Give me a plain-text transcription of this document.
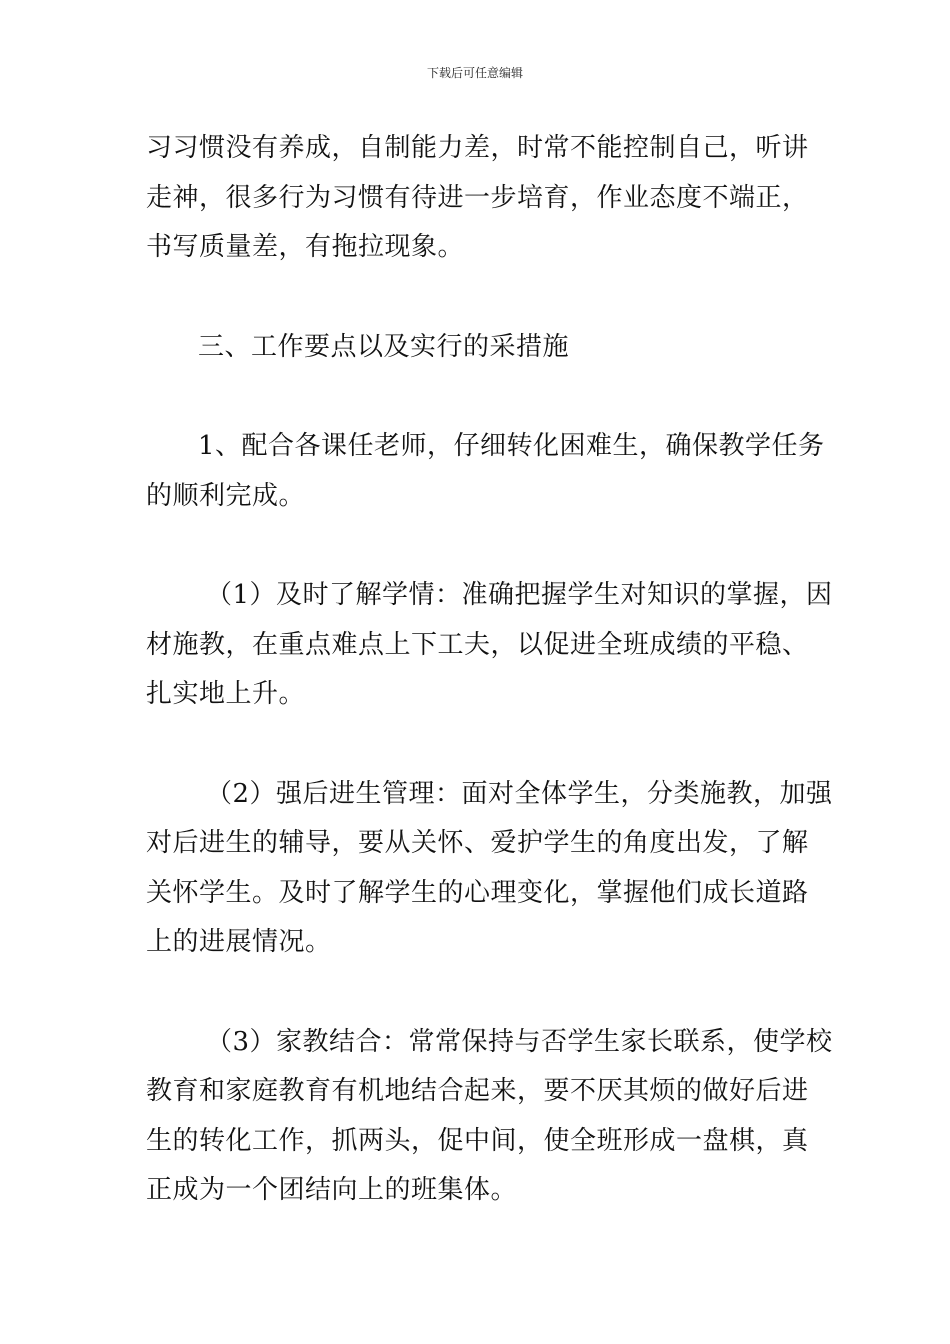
下载后可任意编辑
习习惯没有养成，自制能力差，时常不能控制自己，听讲
走神，很多行为习惯有待进一步培育，作业态度不端正，
书写质量差，有拖拉现象。
三、工作要点以及实行的采措施
1、配合各课任老师，仔细转化困难生，确保教学任务
的顺利完成。
（1）及时了解学情：准确把握学生对知识的掌握，因
材施教，在重点难点上下工夫，以促进全班成绩的平稳、
扎实地上升。
（2）强后进生管理：面对全体学生，分类施教，加强
对后进生的辅导，要从关怀、爱护学生的角度出发，了解
关怀学生。及时了解学生的心理变化，掌握他们成长道路
上的进展情况。
（3）家教结合：常常保持与否学生家长联系，使学校
教育和家庭教育有机地结合起来，要不厌其烦的做好后进
生的转化工作，抓两头，促中间，使全班形成一盘棋，真
正成为一个团结向上的班集体。
